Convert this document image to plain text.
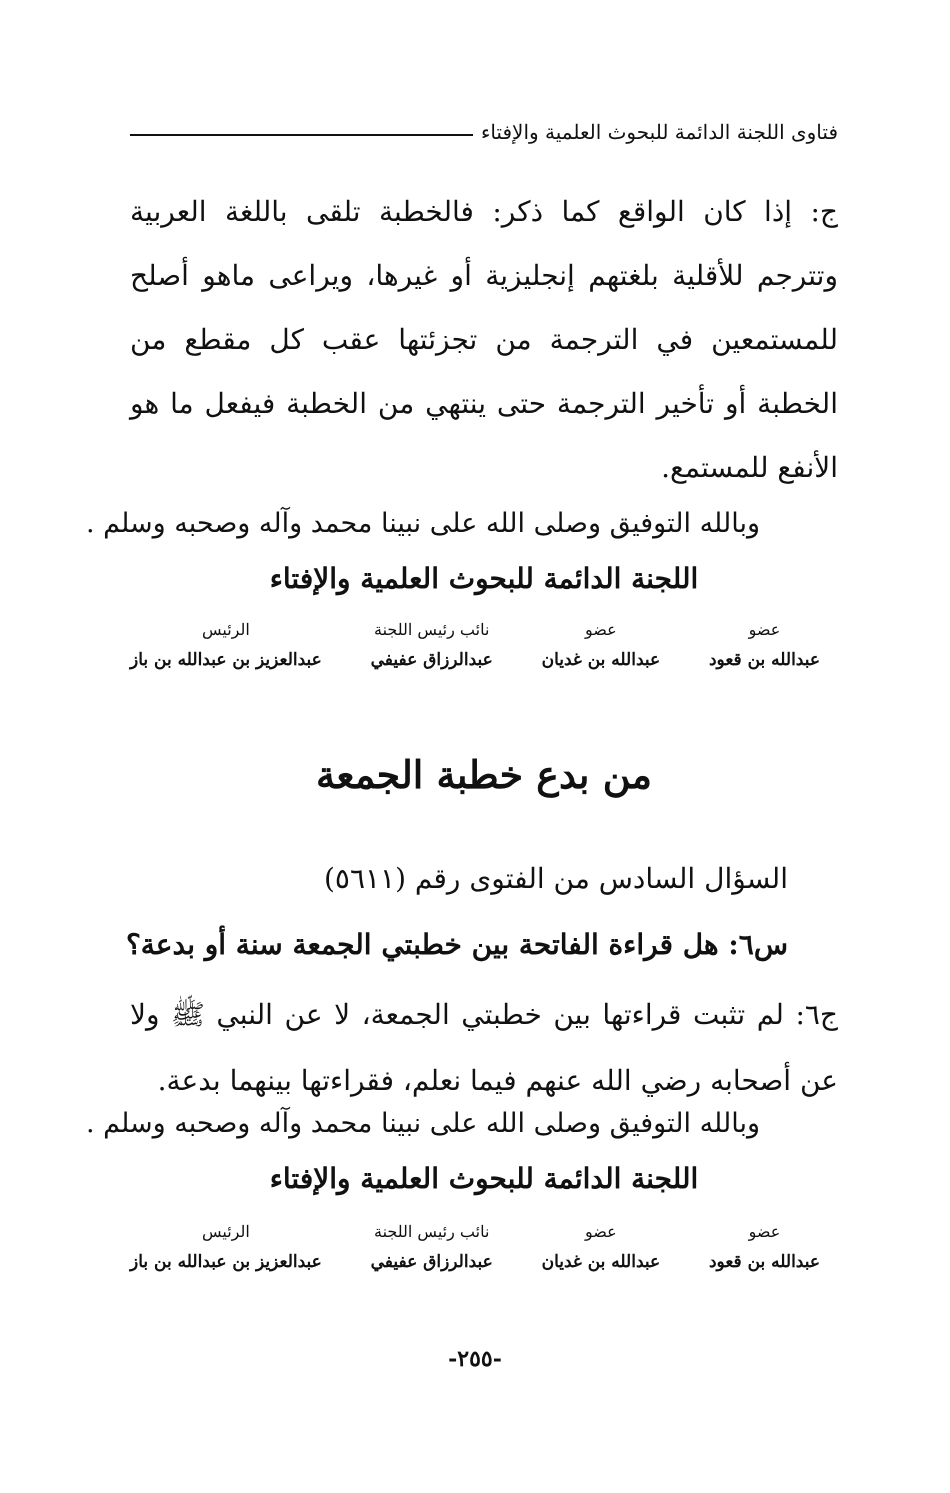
فتاوى اللجنة الدائمة للبحوث العلمية والإفتاء
ج: إذا كان الواقع كما ذكر: فالخطبة تلقى باللغة العربية وتترجم للأقلية بلغتهم إنجليزية أو غيرها، ويراعى ماهو أصلح للمستمعين في الترجمة من تجزئتها عقب كل مقطع من الخطبة أو تأخير الترجمة حتى ينتهي من الخطبة فيفعل ما هو الأنفع للمستمع.
وبالله التوفيق وصلى الله على نبينا محمد وآله وصحبه وسلم .
اللجنة الدائمة للبحوث العلمية والإفتاء
عضو
عبدالله بن قعود
عضو
عبدالله بن غديان
نائب رئيس اللجنة
عبدالرزاق عفيفي
الرئيس
عبدالعزيز بن عبدالله بن باز
من بدع خطبة الجمعة
السؤال السادس من الفتوى رقم (٥٦١١)
س٦: هل قراءة الفاتحة بين خطبتي الجمعة سنة أو بدعة؟
ج٦: لم تثبت قراءتها بين خطبتي الجمعة، لا عن النبي ﷺ ولا عن أصحابه رضي الله عنهم فيما نعلم، فقراءتها بينهما بدعة.
وبالله التوفيق وصلى الله على نبينا محمد وآله وصحبه وسلم .
اللجنة الدائمة للبحوث العلمية والإفتاء
عضو
عبدالله بن قعود
عضو
عبدالله بن غديان
نائب رئيس اللجنة
عبدالرزاق عفيفي
الرئيس
عبدالعزيز بن عبدالله بن باز
-٢٥٥-
